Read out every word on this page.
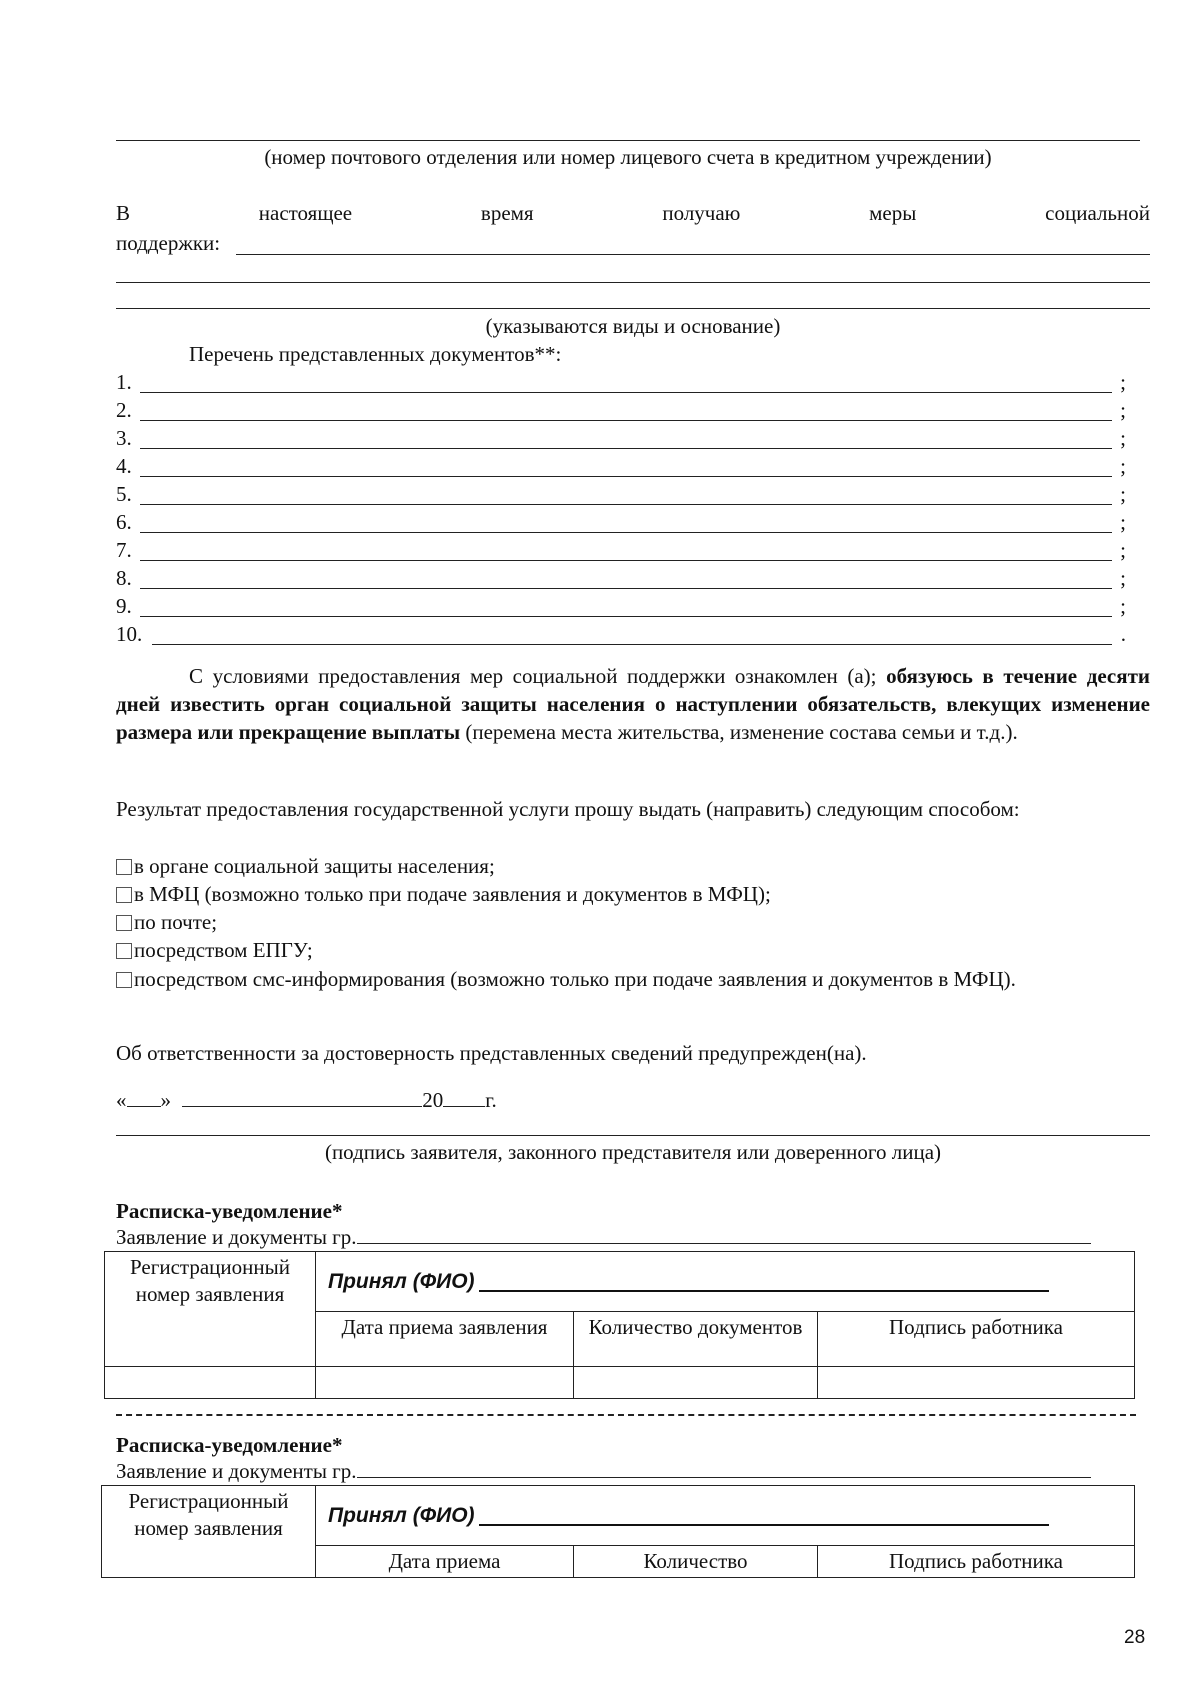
(номер почтового отделения или номер лицевого счета в кредитном учреждении)
В	настоящее	время	получаю	меры	социальной
поддержки:
(указываются виды и основание)
Перечень представленных документов**:
1.	;
2.	;
3.	;
4.	;
5.	;
6.	;
7.	;
8.	;
9.	;
10.	.
С условиями предоставления мер социальной поддержки ознакомлен (а); обязуюсь в течение десяти дней известить орган социальной защиты населения о наступлении обязательств, влекущих изменение размера или прекращение выплаты (перемена места жительства, изменение состава семьи и т.д.).
Результат предоставления государственной услуги прошу выдать (направить) следующим способом:
в органе социальной защиты населения;
в МФЦ (возможно только при подаче заявления и документов в МФЦ);
по почте;
посредством ЕПГУ;
посредством смс-информирования (возможно только при подаче заявления и документов в МФЦ).
Об ответственности за достоверность представленных сведений предупрежден(на).
« »	20 г.
(подпись заявителя, законного представителя или доверенного лица)
Расписка-уведомление*
Заявление и документы гр.
Регистрационный номер заявления	Принял (ФИО)		
	Дата приема заявления	Количество документов	Подпись работника

Расписка-уведомление*
Заявление и документы гр.
Регистрационный номер заявления	Принял (ФИО)		
	Дата приема	Количество	Подпись работника
28
